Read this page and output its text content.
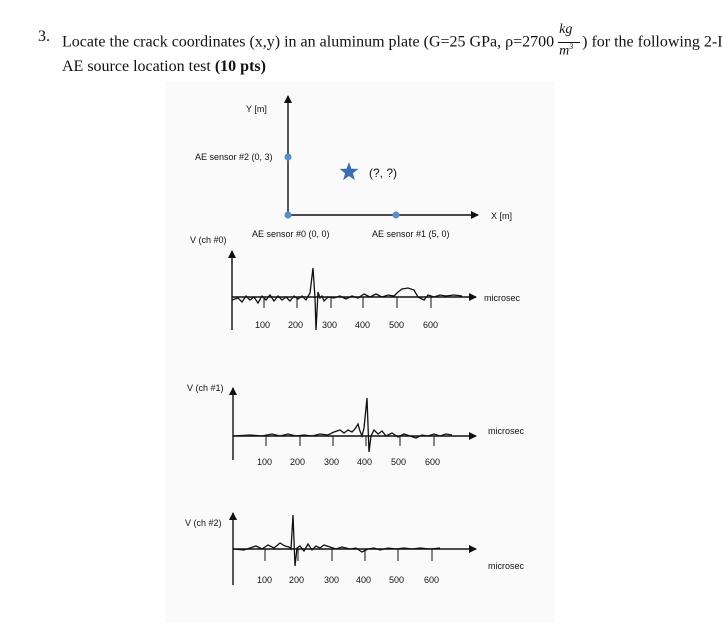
3. Locate the crack coordinates (x,y) in an aluminum plate (G=25 GPa, $\rho=2700 \frac{kg}{m^3}$ ) for the following 2-I
AE source location test (10 pts)
Y [m]
X [m]
AE sensor #2 (0, 3)
AE sensor #0 (0, 0)	AE sensor #1 (5, 0)
(?, ?)
V (ch #0)
microsec
100 200 300 400 500 600
V (ch #1)
microsec
100 200 300 400 500 600
V (ch #2)
microsec
100 200 300 400 500 600
